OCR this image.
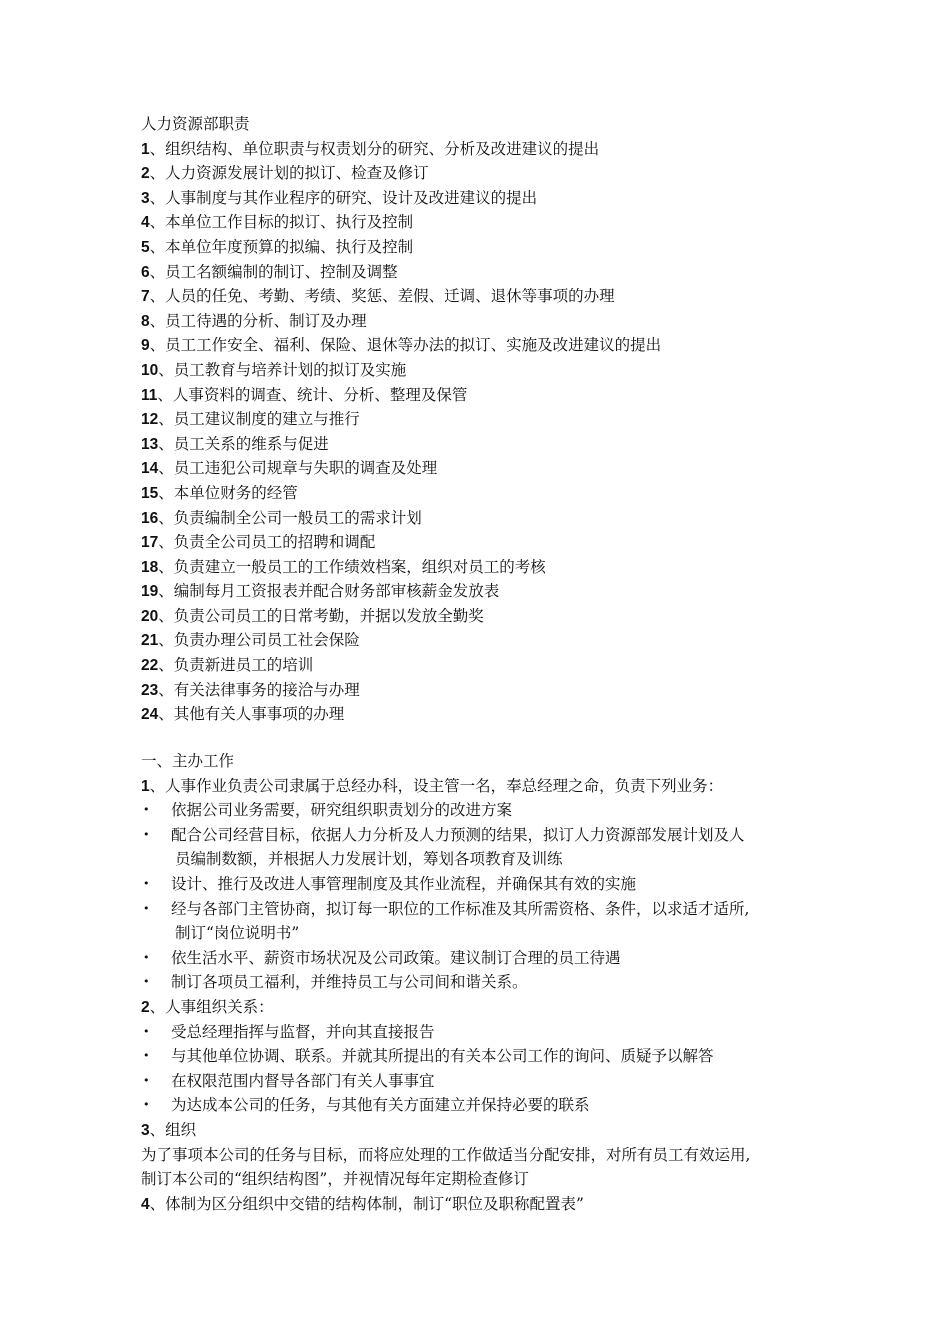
人力资源部职责
1、组织结构、单位职责与权责划分的研究、分析及改进建议的提出
2、人力资源发展计划的拟订、检查及修订
3、人事制度与其作业程序的研究、设计及改进建议的提出
4、本单位工作目标的拟订、执行及控制
5、本单位年度预算的拟编、执行及控制
6、员工名额编制的制订、控制及调整
7、人员的任免、考勤、考绩、奖惩、差假、迁调、退休等事项的办理
8、员工待遇的分析、制订及办理
9、员工工作安全、福利、保险、退休等办法的拟订、实施及改进建议的提出
10、员工教育与培养计划的拟订及实施
11、人事资料的调查、统计、分析、整理及保管
12、员工建议制度的建立与推行
13、员工关系的维系与促进
14、员工违犯公司规章与失职的调查及处理
15、本单位财务的经管
16、负责编制全公司一般员工的需求计划
17、负责全公司员工的招聘和调配
18、负责建立一般员工的工作绩效档案，组织对员工的考核
19、编制每月工资报表并配合财务部审核薪金发放表
20、负责公司员工的日常考勤，并据以发放全勤奖
21、负责办理公司员工社会保险
22、负责新进员工的培训
23、有关法律事务的接洽与办理
24、其他有关人事事项的办理
一、主办工作
1、人事作业负责公司隶属于总经办科，设主管一名，奉总经理之命，负责下列业务：
• 依据公司业务需要，研究组织职责划分的改进方案
• 配合公司经营目标，依据人力分析及人力预测的结果，拟订人力资源部发展计划及人
员编制数额，并根据人力发展计划，筹划各项教育及训练
• 设计、推行及改进人事管理制度及其作业流程，并确保其有效的实施
• 经与各部门主管协商，拟订每一职位的工作标准及其所需资格、条件，以求适才适所,
制订“岗位说明书”
• 依生活水平、薪资市场状况及公司政策。建议制订合理的员工待遇
• 制订各项员工福利，并维持员工与公司间和谐关系。
2、人事组织关系：
• 受总经理指挥与监督，并向其直接报告
• 与其他单位协调、联系。并就其所提出的有关本公司工作的询问、质疑予以解答
• 在权限范围内督导各部门有关人事事宜
• 为达成本公司的任务，与其他有关方面建立并保持必要的联系
3、组织
为了事项本公司的任务与目标，而将应处理的工作做适当分配安排，对所有员工有效运用,
制订本公司的“组织结构图”，并视情况每年定期检查修订
4、体制为区分组织中交错的结构体制，制订“职位及职称配置表”
